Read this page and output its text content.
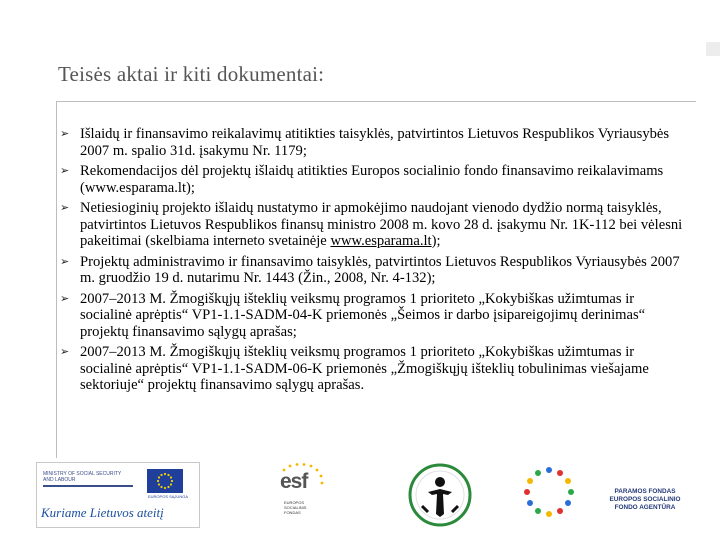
Teisės aktai ir kiti dokumentai:
➢ Išlaidų ir finansavimo reikalavimų atitikties taisyklės, patvirtintos Lietuvos Respublikos Vyriausybės 2007 m. spalio 31d. įsakymu Nr. 1179;
➢ Rekomendacijos dėl projektų išlaidų atitikties Europos socialinio fondo finansavimo reikalavimams (www.esparama.lt);
➢ Netiesioginių projekto išlaidų nustatymo ir apmokėjimo naudojant vienodo dydžio normą taisyklės, patvirtintos Lietuvos Respublikos finansų ministro 2008 m. kovo 28 d. įsakymu Nr. 1K-112 bei vėlesni pakeitimai (skelbiama interneto svetainėje www.esparama.lt);
➢ Projektų administravimo ir finansavimo taisyklės, patvirtintos Lietuvos Respublikos Vyriausybės 2007 m. gruodžio 19 d. nutarimu Nr. 1443 (Žin., 2008, Nr. 4-132);
➢ 2007–2013 M. Žmogiškųjų išteklių veiksmų programos 1 prioriteto „Kokybiškas užimtumas ir socialinė aprėptis“ VP1-1.1-SADM-04-K priemonės „Šeimos ir darbo įsipareigojimų derinimas“ projektų finansavimo sąlygų aprašas;
➢ 2007–2013 M. Žmogiškųjų išteklių veiksmų programos 1 prioriteto „Kokybiškas užimtumas ir socialinė aprėptis“ VP1-1.1-SADM-06-K priemonės „Žmogiškųjų išteklių tobulinimas viešajame sektoriuje“ projektų finansavimo sąlygų aprašas.
MINISTRY OF SOCIAL SECURITY AND LABOUR
EUROPOS SĄJUNGA
Kuriame Lietuvos ateitį
esf
EUROPOS SOCIALINIS FONDAS
PARAMOS FONDAS
EUROPOS SOCIALINIO
FONDO AGENTŪRA
